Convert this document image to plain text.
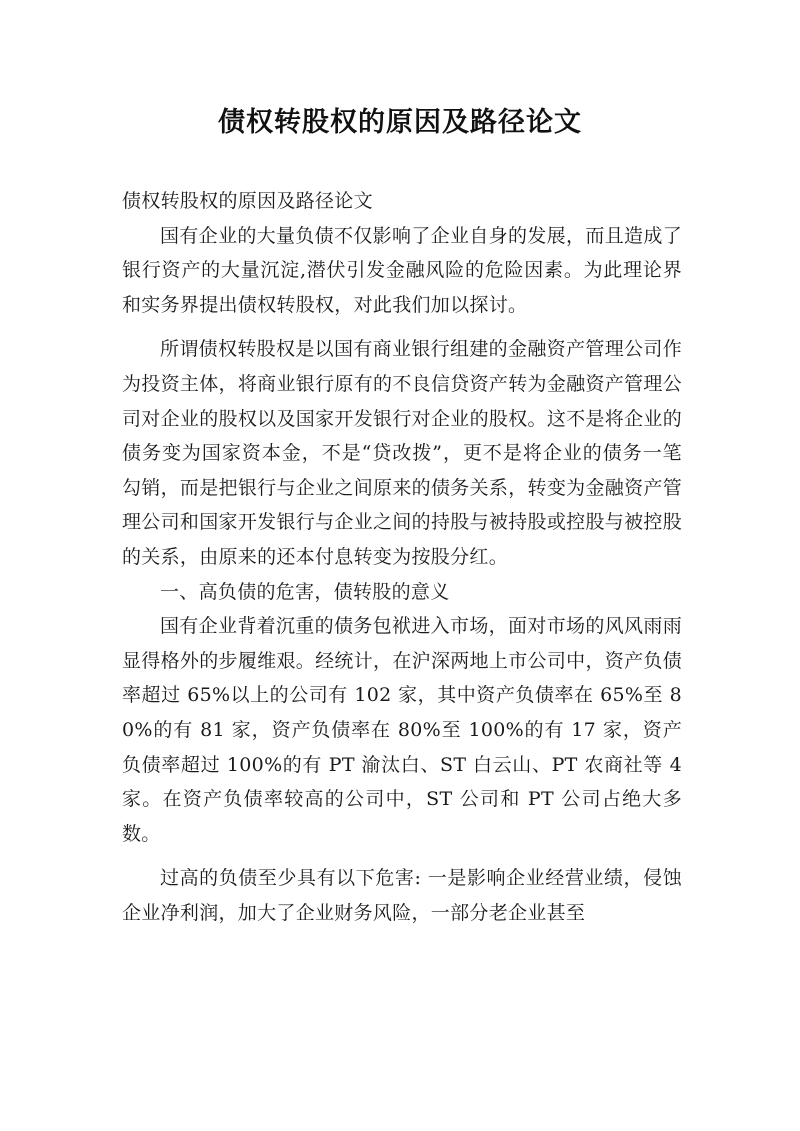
债权转股权的原因及路径论文

债权转股权的原因及路径论文

国有企业的大量负债不仅影响了企业自身的发展，而且造成了银行资产的大量沉淀,潜伏引发金融风险的危险因素。为此理论界和实务界提出债权转股权，对此我们加以探讨。

所谓债权转股权是以国有商业银行组建的金融资产管理公司作为投资主体，将商业银行原有的不良信贷资产转为金融资产管理公司对企业的股权以及国家开发银行对企业的股权。这不是将企业的债务变为国家资本金，不是“贷改拨”，更不是将企业的债务一笔勾销，而是把银行与企业之间原来的债务关系，转变为金融资产管理公司和国家开发银行与企业之间的持股与被持股或控股与被控股的关系，由原来的还本付息转变为按股分红。

一、高负债的危害，债转股的意义

国有企业背着沉重的债务包袱进入市场，面对市场的风风雨雨显得格外的步履维艰。经统计，在沪深两地上市公司中，资产负债率超过 65%以上的公司有 102 家，其中资产负债率在 65%至 80%的有 81 家，资产负债率在 80%至 100%的有 17 家，资产负债率超过 100%的有 PT 渝汰白、ST 白云山、PT 农商社等 4 家。在资产负债率较高的公司中，ST 公司和 PT 公司占绝大多数。

过高的负债至少具有以下危害: 一是影响企业经营业绩，侵蚀企业净利润，加大了企业财务风险，一部分老企业甚至
